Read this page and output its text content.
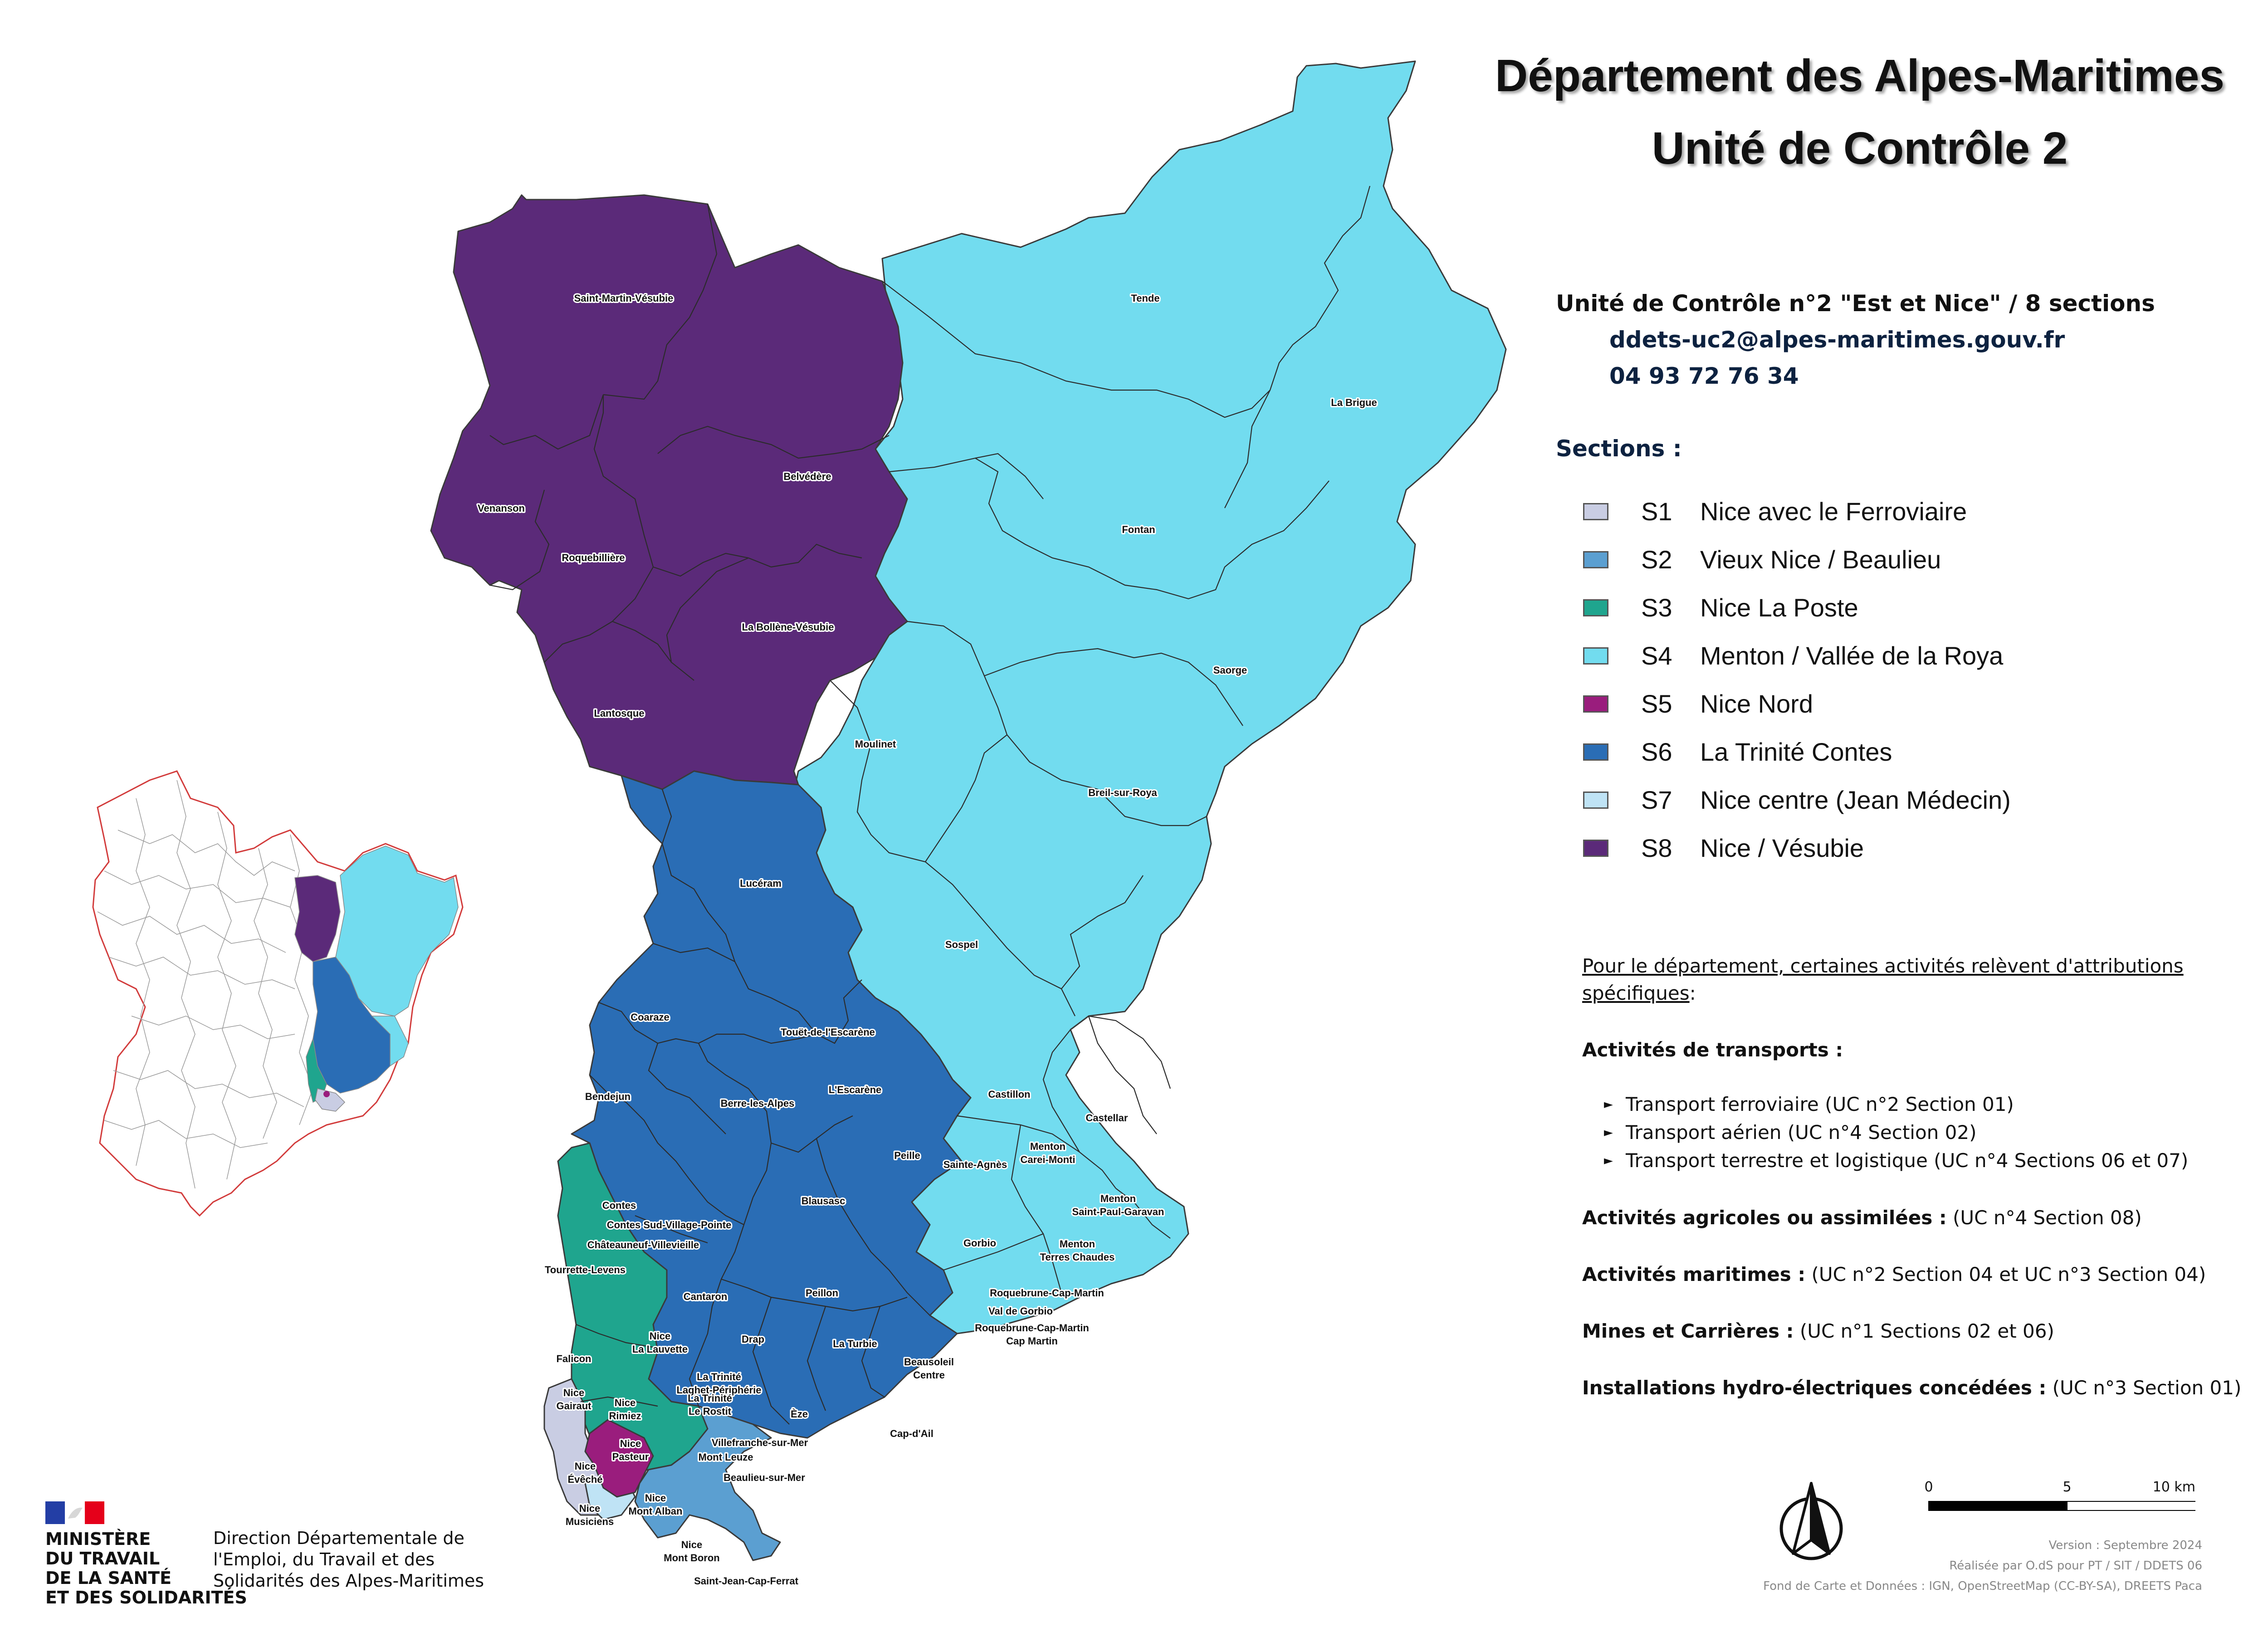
Saint-Martin-Vésubie
Venanson
Belvédère
Roquebillière
La Bollène-Vésubie
Lantosque
Tende
La Brigue
Fontan
Saorge
Moulinet
Breil-sur-Roya
Sospel
Lucéram
Coaraze
Touët-de-l'Escarène
L'Escarène
Bendejun
Berre-les-Alpes
Castillon
Castellar
Menton Carei-Monti
Peille
Sainte-Agnès
Menton Saint-Paul-Garavan
Contes
Contes Sud-Village-Pointe
Blausasc
Gorbio	Menton Terres Chaudes
Châteauneuf-Villevieille
Tourrette-Levens
Cantaron	Peillon	Roquebrune-Cap-Martin
Val de Gorbio
Roquebrune-Cap-Martin Cap Martin
Nice La Lauvette
Falicon
Drap	La Turbie
Beausoleil Centre
La Trinité Laghet-Périphérie
La Trinité Le Rostit
Nice Gairaut	Nice Rimiez	Èze
Cap-d'Ail
Nice Pasteur
Villefranche-sur-Mer
Nice Évêché
Mont Leuze
Beaulieu-sur-Mer
Nice Mont Alban
Nice Musiciens
Nice Mont Boron
Saint-Jean-Cap-Ferrat
Département des Alpes-Maritimes
Unité de Contrôle 2
Unité de Contrôle n°2 "Est et Nice" / 8 sections
ddets-uc2@alpes-maritimes.gouv.fr
04 93 72 76 34
Sections :
S1 Nice avec le Ferroviaire
S2 Vieux Nice / Beaulieu
S3 Nice La Poste
S4 Menton / Vallée de la Roya
S5 Nice Nord
S6 La Trinité Contes
S7 Nice centre (Jean Médecin)
S8 Nice / Vésubie
Pour le département, certaines activités relèvent d'attributions spécifiques:
Activités de transports :
► Transport ferroviaire (UC n°2 Section 01)
► Transport aérien (UC n°4 Section 02)
► Transport terrestre et logistique (UC n°4 Sections 06 et 07)
Activités agricoles ou assimilées : (UC n°4 Section 08)
Activités maritimes : (UC n°2 Section 04 et UC n°3 Section 04)
Mines et Carrières : (UC n°1 Sections 02 et 06)
Installations hydro-électriques concédées : (UC n°3 Section 01)
0	5	10 km
Version : Septembre 2024
Réalisée par O.dS pour PT / SIT / DDETS 06
Fond de Carte et Données : IGN, OpenStreetMap (CC-BY-SA), DREETS Paca
MINISTÈRE
DU TRAVAIL
DE LA SANTÉ
ET DES SOLIDARITÉS
Direction Départementale de
l'Emploi, du Travail et des
Solidarités des Alpes-Maritimes
